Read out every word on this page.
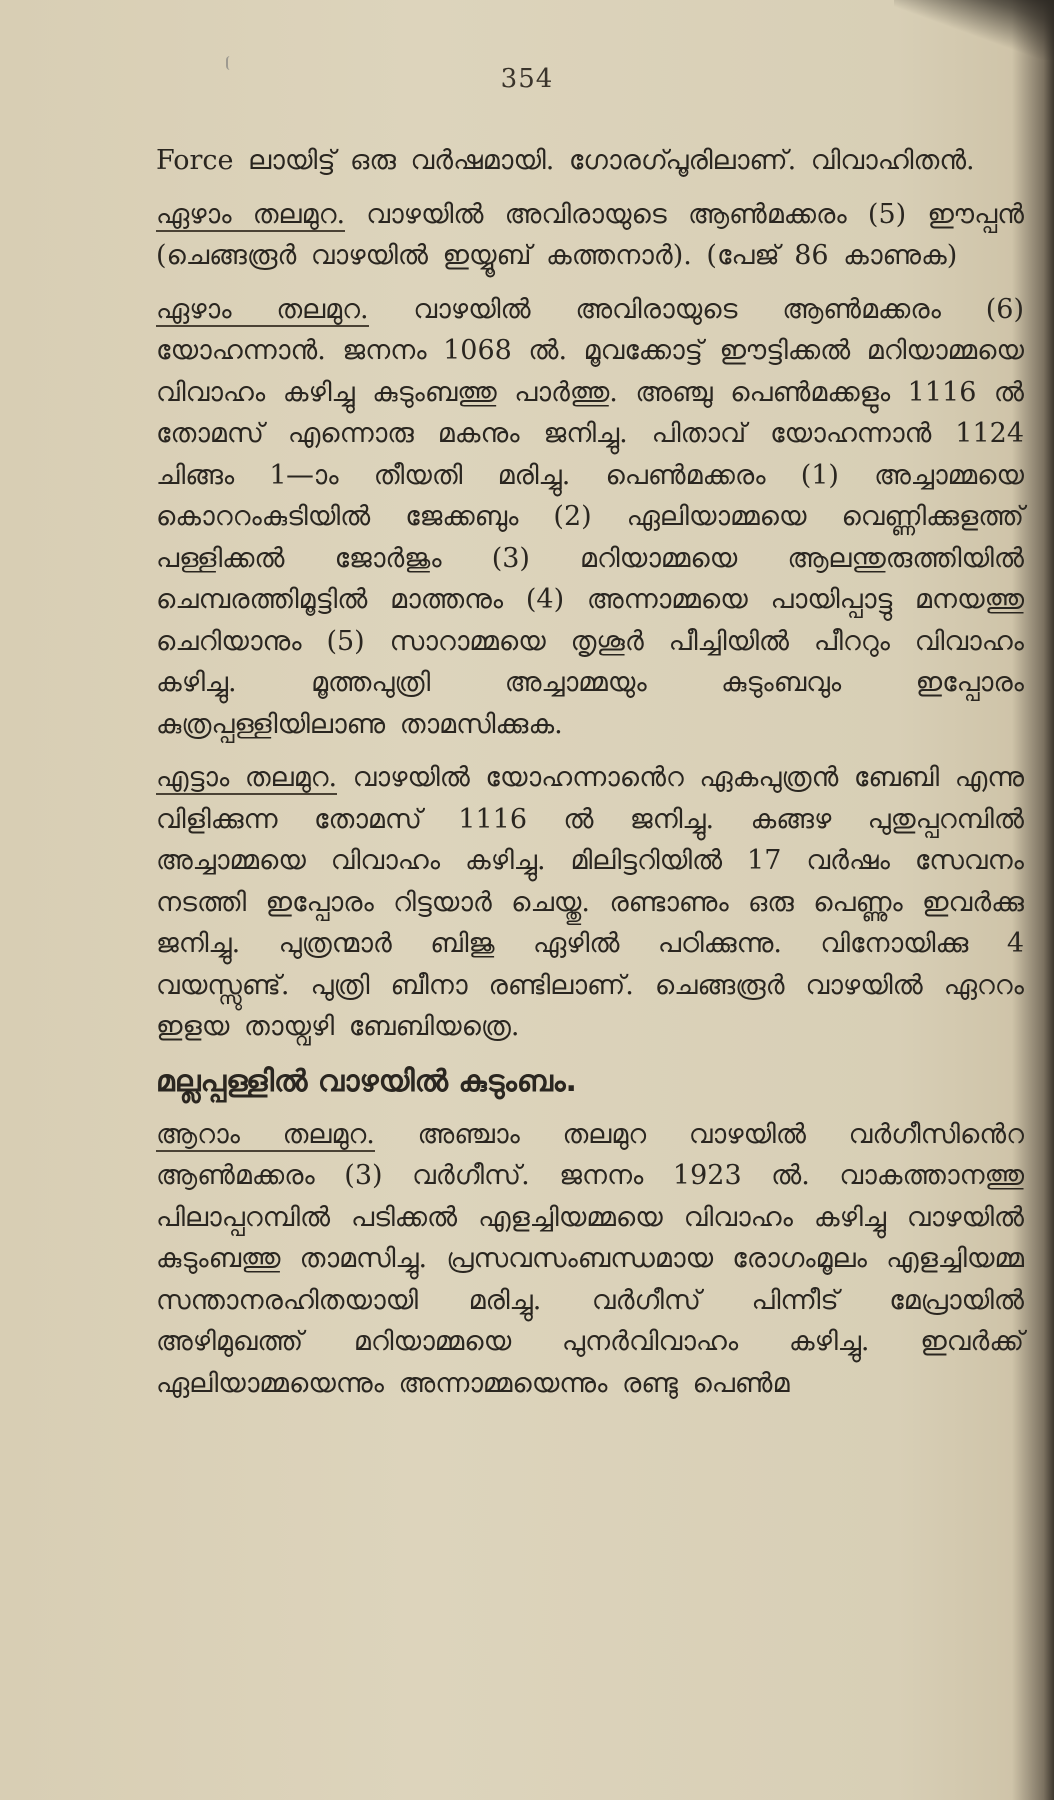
354

Force ലായിട്ട് ഒരു വർഷമായി. ഗോരഗ്പൂരിലാണ്. വിവാഹിതൻ.

ഏഴാം തലമുറ. വാഴയിൽ അവിരായുടെ ആൺമക്കരം (5) ഈപ്പൻ (ചെങ്ങരൂർ വാഴയിൽ ഇയ്യൂബ് കത്തനാർ). (പേജ് 86 കാണുക)

ഏഴാം തലമുറ. വാഴയിൽ അവിരായുടെ ആൺമക്കരം (6) യോഹന്നാൻ. ജനനം 1068 ൽ. മൂവക്കോട്ട് ഈട്ടിക്കൽ മറിയാമ്മയെ വിവാഹം കഴിച്ചു കുടുംബത്തു പാർത്തു. അഞ്ചു പെൺമക്കളും 1116 ൽ തോമസ് എന്നൊരു മകനും ജനിച്ചു. പിതാവ് യോഹന്നാൻ 1124 ചിങ്ങം 1—ാം തീയതി മരിച്ചു. പെൺമക്കരം (1) അച്ചാമ്മയെ കൊററംകുടിയിൽ ജേക്കബും (2) ഏലിയാമ്മയെ വെണ്ണിക്കുളത്ത് പള്ളിക്കൽ ജോർജും (3) മറിയാമ്മയെ ആലന്തുരുത്തിയിൽ ചെമ്പരത്തിമൂട്ടിൽ മാത്തനും (4) അന്നാമ്മയെ പായിപ്പാട്ടു മനയത്തു ചെറിയാനും (5) സാറാമ്മയെ തൃശൂർ പീച്ചിയിൽ പീററും വിവാഹം കഴിച്ചു. മൂത്തപുത്രി അച്ചാമ്മയും കുടുംബവും ഇപ്പോരം കുത്രപ്പള്ളിയിലാണു താമസിക്കുക.

എട്ടാം തലമുറ. വാഴയിൽ യോഹന്നാൻെറ ഏകപുത്രൻ ബേബി എന്നു വിളിക്കുന്ന തോമസ് 1116 ൽ ജനിച്ചു. കങ്ങഴ പുതുപ്പറമ്പിൽ അച്ചാമ്മയെ വിവാഹം കഴിച്ചു. മിലിട്ടറിയിൽ 17 വർഷം സേവനം നടത്തി ഇപ്പോരം റിട്ടയാർ ചെയ്തു. രണ്ടാണും ഒരു പെണ്ണും ഇവർക്കു ജനിച്ചു. പുത്രന്മാർ ബിജു ഏഴിൽ പഠിക്കുന്നു. വിനോയിക്കു 4 വയസ്സുണ്ട്. പുത്രി ബീനാ രണ്ടിലാണ്. ചെങ്ങരൂർ വാഴയിൽ ഏററം ഇളയ തായ്വഴി ബേബിയത്രെ.

മല്ലപ്പള്ളിൽ വാഴയിൽ കുടുംബം.

ആറാം തലമുറ. അഞ്ചാം തലമുറ വാഴയിൽ വർഗീസിൻെറ ആൺമക്കരം (3) വർഗീസ്. ജനനം 1923 ൽ. വാകത്താനത്തു പിലാപ്പറമ്പിൽ പടിക്കൽ എളച്ചിയമ്മയെ വിവാഹം കഴിച്ചു വാഴയിൽ കുടുംബത്തു താമസിച്ചു. പ്രസവസംബന്ധമായ രോഗംമൂലം എളച്ചിയമ്മ സന്താനരഹിതയായി മരിച്ചു. വർഗീസ് പിന്നീട് മേപ്രായിൽ അഴിമുഖത്ത് മറിയാമ്മയെ പുനർവിവാഹം കഴിച്ചു. ഇവർക്ക് ഏലിയാമ്മയെന്നും അന്നാമ്മയെന്നും രണ്ടു പെൺമ
